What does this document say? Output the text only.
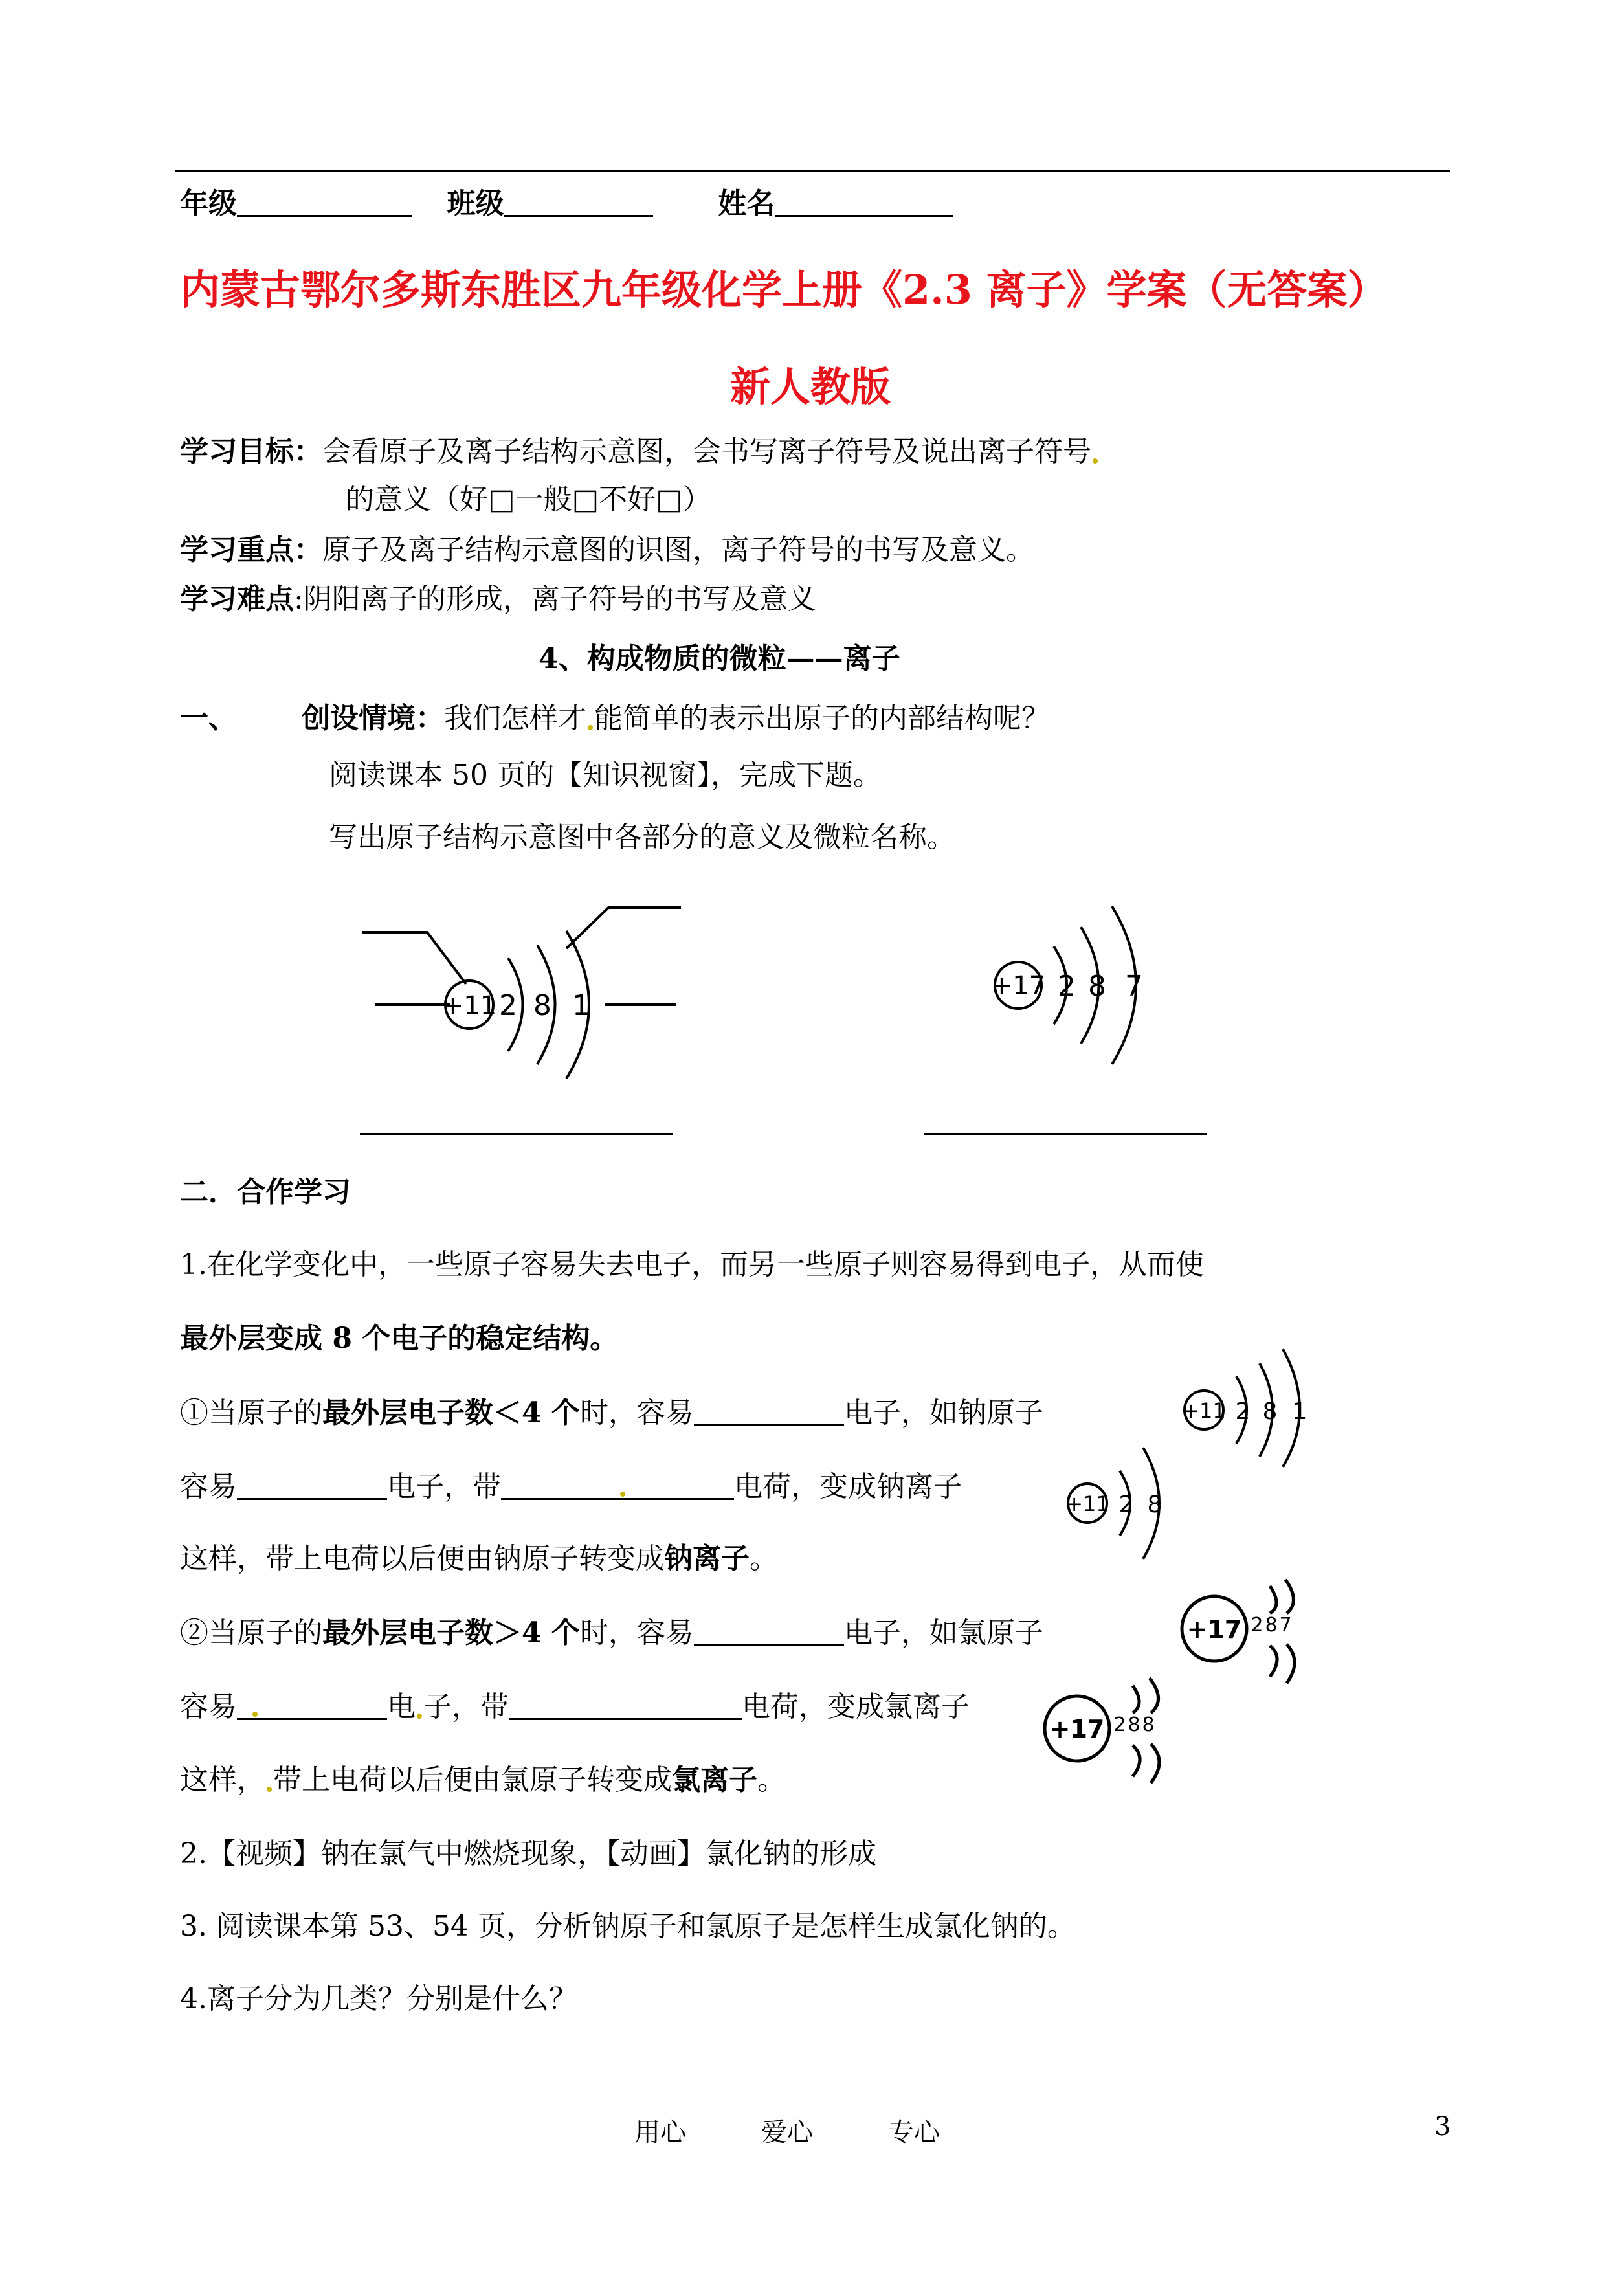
年级	班级	姓名
内蒙古鄂尔多斯东胜区九年级化学上册《2.3 离子》学案（无答案）
新人教版
学习目标：会看原子及离子结构示意图，会书写离子符号及说出离子符号
的意义（好□一般□不好□）
学习重点：原子及离子结构示意图的识图，离子符号的书写及意义。
学习难点:阴阳离子的形成，离子符号的书写及意义
4、构成物质的微粒——离子
一、 创设情境：我们怎样才 能简单的表示出原子的内部结构呢？
阅读课本 50 页的【知识视窗】，完成下题。
写出原子结构示意图中各部分的意义及微粒名称。
+11 2 8 1
+17 2 8 7
二．合作学习
1.在化学变化中，一些原子容易失去电子，而另一些原子则容易得到电子，从而使
最外层变成 8 个电子的稳定结构。
①当原子的最外层电子数＜4 个时，容易	电子，如钠原子
容易	电子，带	电荷，变成钠离子
这样，带上电荷以后便由钠原子转变成钠离子。
+11 2 8 1
+11 2 8
②当原子的最外层电子数＞4 个时，容易	电子，如氯原子
容易	电 子，带	电荷，变成氯离子
这样， 带上电荷以后便由氯原子转变成氯离子。
+17 2 8 7
+17 2 8 8
2.【视频】钠在氯气中燃烧现象，【动画】氯化钠的形成
3. 阅读课本第 53、54 页，分析钠原子和氯原子是怎样生成氯化钠的。
4.离子分为几类？分别是什么？
用心	爱心	专心	3
